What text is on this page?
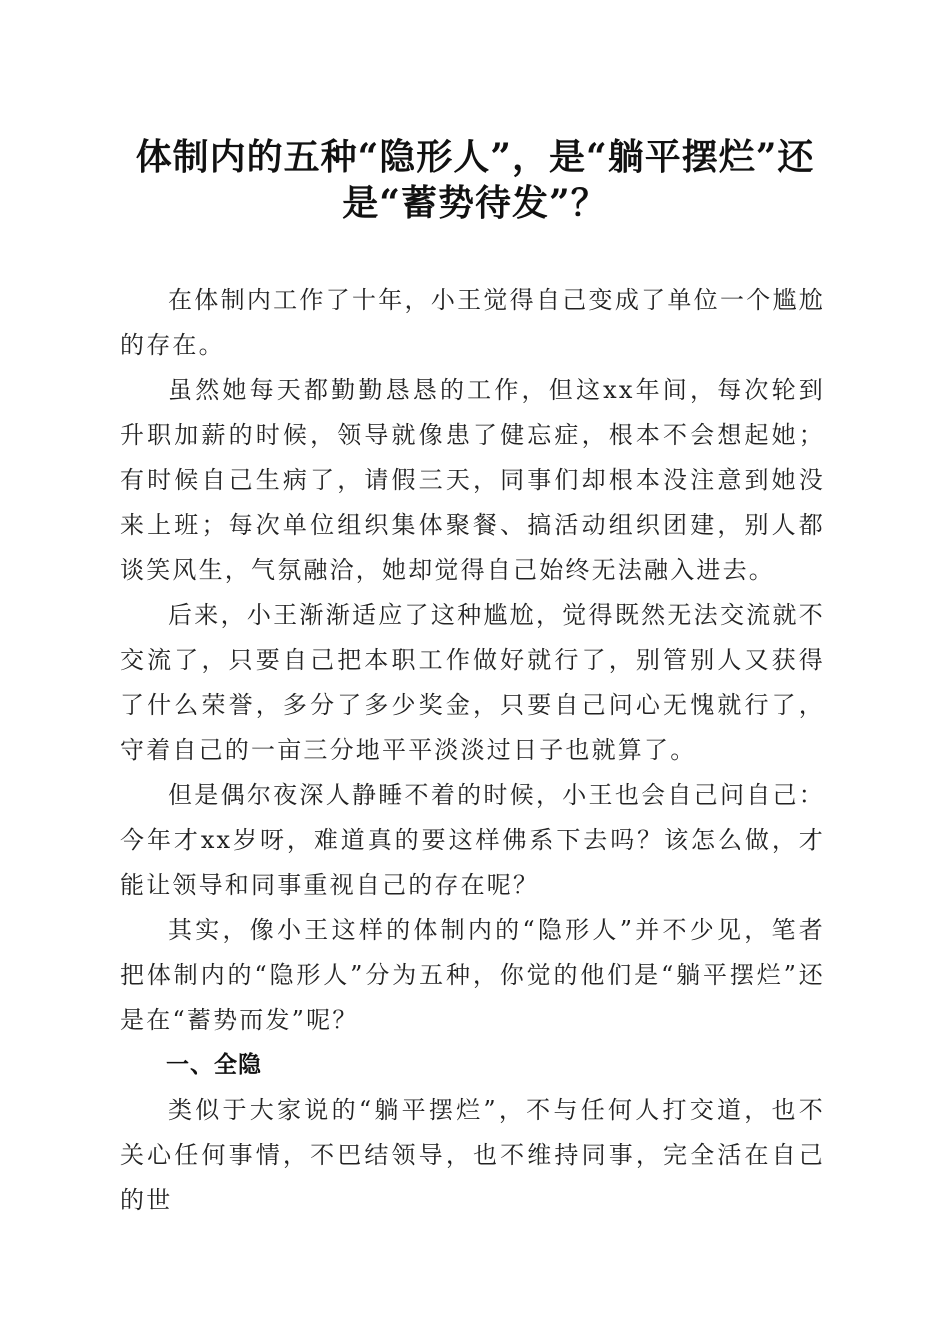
体制内的五种“隐形人”，是“躺平摆烂”还
是“蓄势待发”？

在体制内工作了十年，小王觉得自己变成了单位一个尴尬的存在。

虽然她每天都勤勤恳恳的工作，但这xx年间，每次轮到升职加薪的时候，领导就像患了健忘症，根本不会想起她；有时候自己生病了，请假三天，同事们却根本没注意到她没来上班；每次单位组织集体聚餐、搞活动组织团建，别人都谈笑风生，气氛融洽，她却觉得自己始终无法融入进去。

后来，小王渐渐适应了这种尴尬，觉得既然无法交流就不交流了，只要自己把本职工作做好就行了，别管别人又获得了什么荣誉，多分了多少奖金，只要自己问心无愧就行了，守着自己的一亩三分地平平淡淡过日子也就算了。

但是偶尔夜深人静睡不着的时候，小王也会自己问自己：今年才xx岁呀，难道真的要这样佛系下去吗？该怎么做，才能让领导和同事重视自己的存在呢？

其实，像小王这样的体制内的“隐形人”并不少见，笔者把体制内的“隐形人”分为五种，你觉的他们是“躺平摆烂”还是在“蓄势而发”呢？

一、全隐

类似于大家说的“躺平摆烂”，不与任何人打交道，也不关心任何事情，不巴结领导，也不维持同事，完全活在自己的世
